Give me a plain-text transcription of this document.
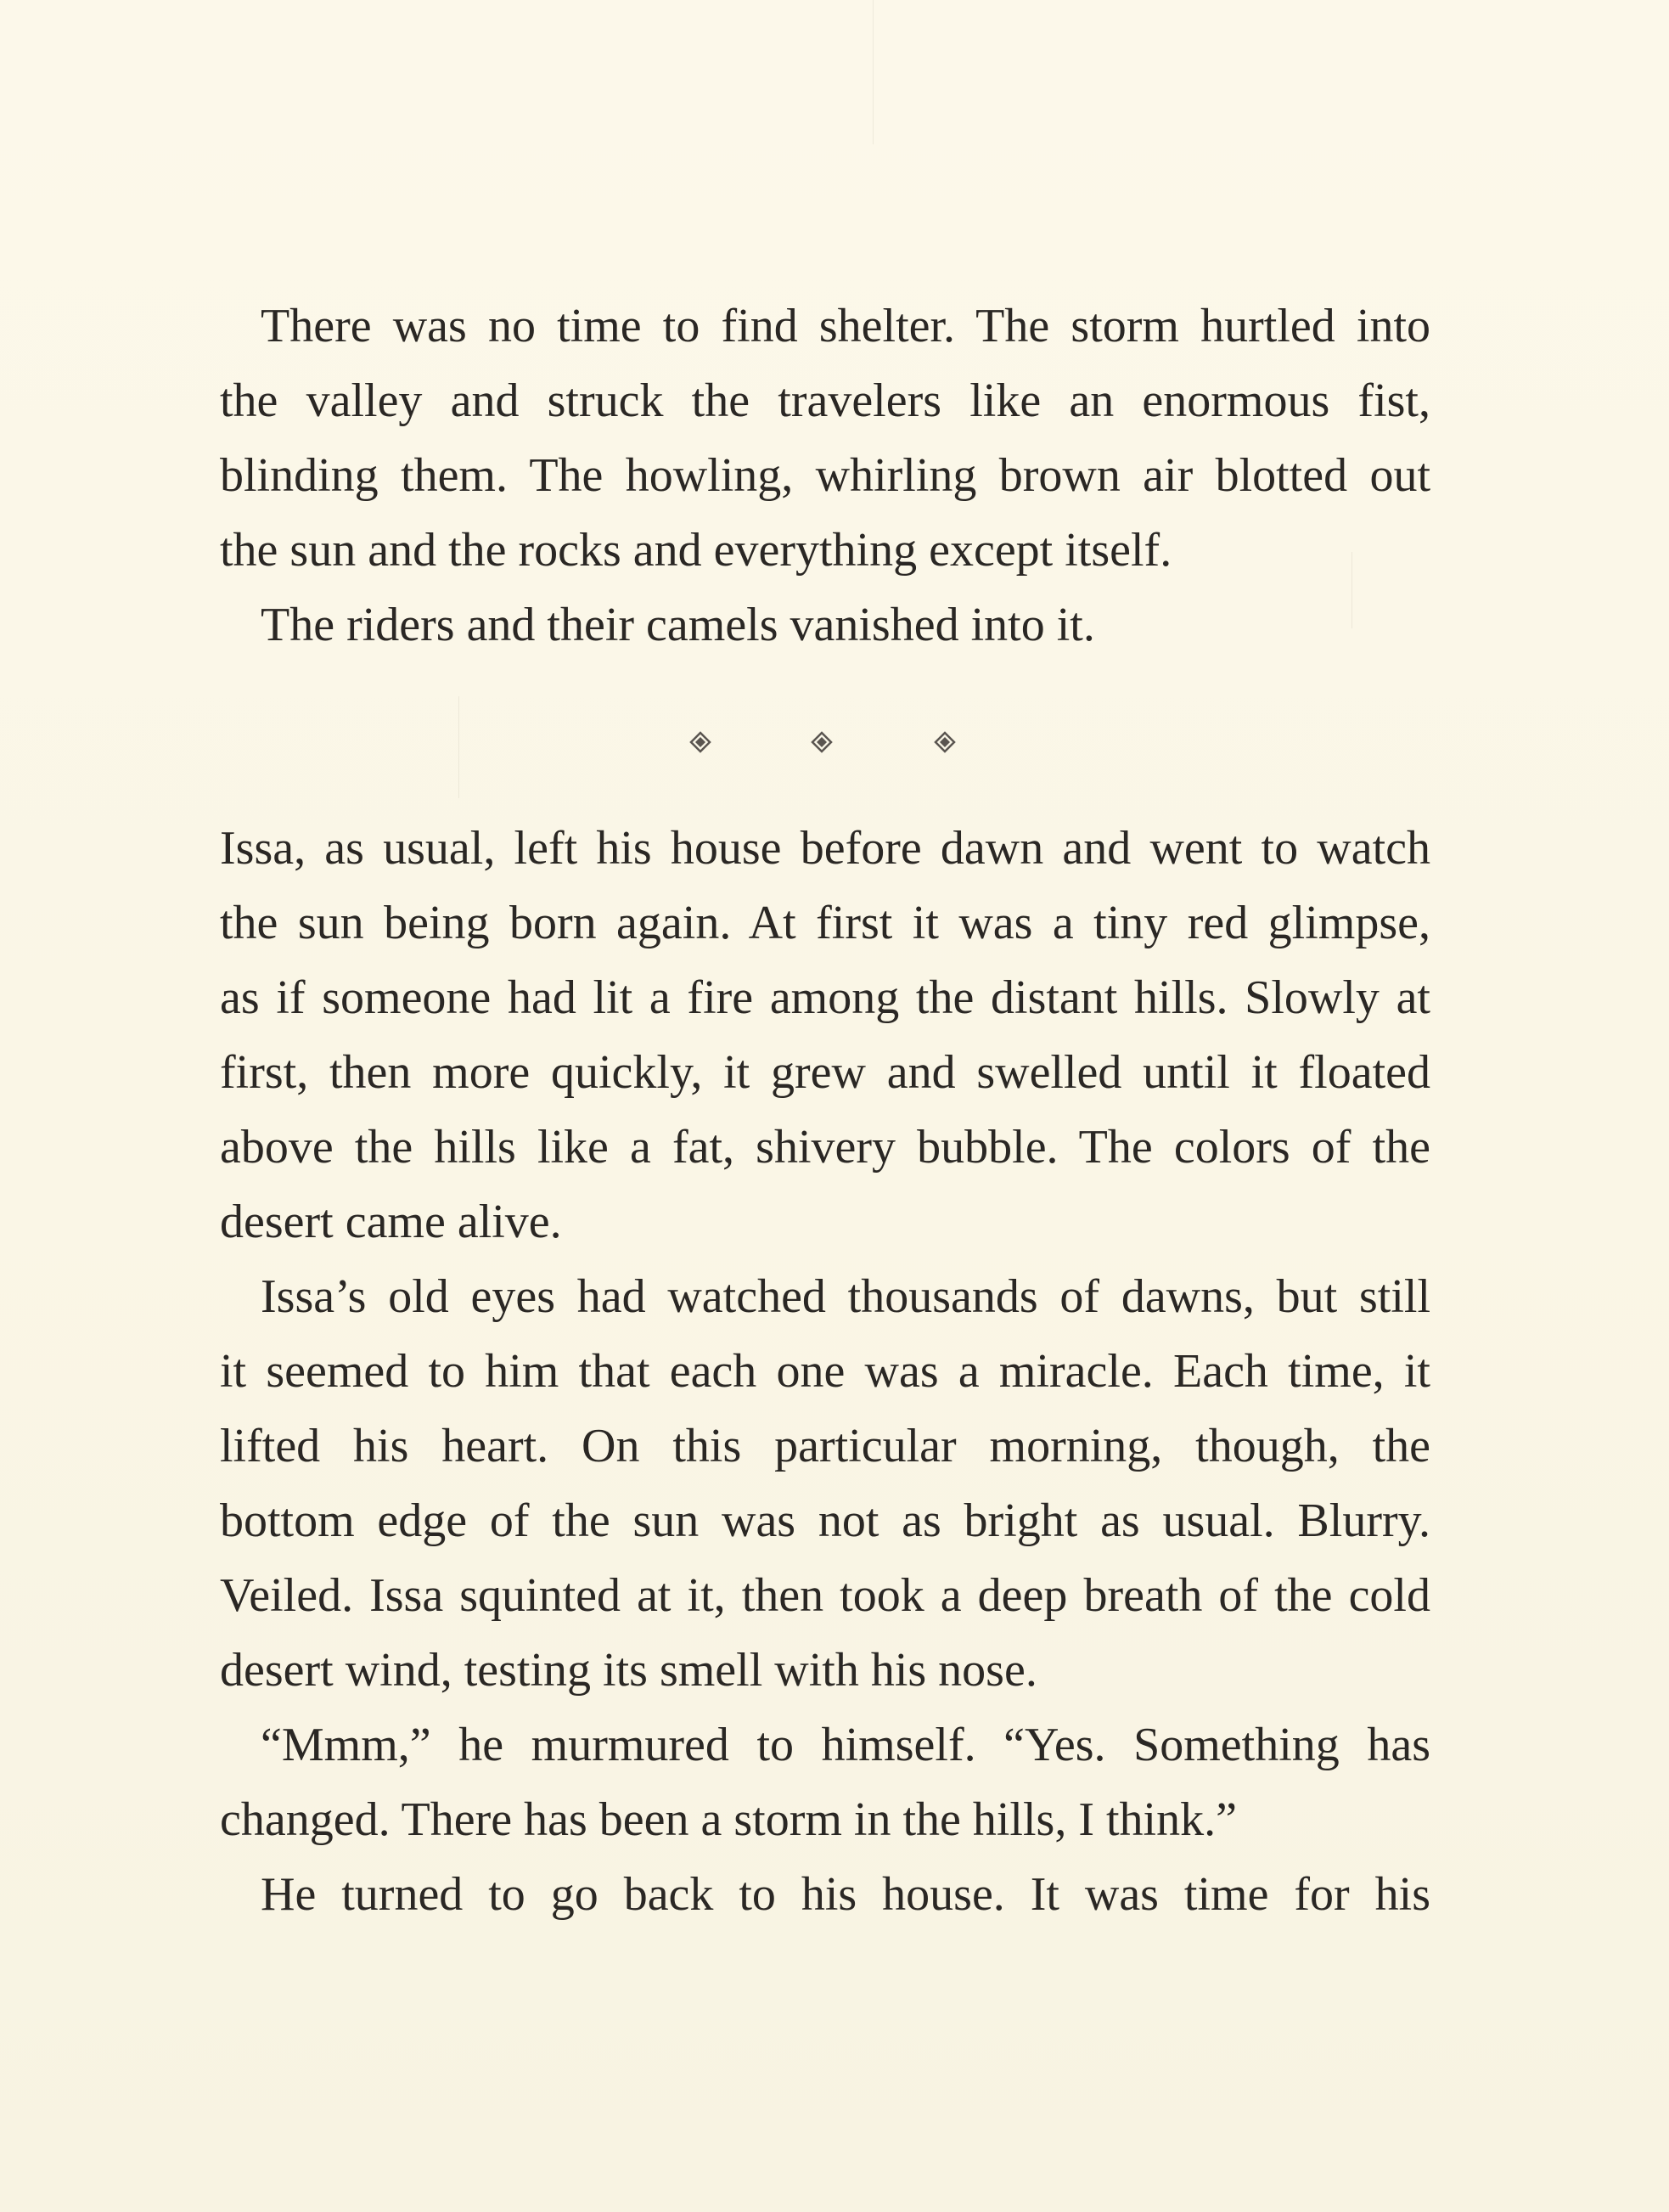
There was no time to find shelter. The storm hurtled into
the valley and struck the travelers like an enormous fist,
blinding them. The howling, whirling brown air blotted out
the sun and the rocks and everything except itself.
The riders and their camels vanished into it.
Issa, as usual, left his house before dawn and went to watch
the sun being born again. At first it was a tiny red glimpse,
as if someone had lit a fire among the distant hills. Slowly at
first, then more quickly, it grew and swelled until it floated
above the hills like a fat, shivery bubble. The colors of the
desert came alive.
Issa’s old eyes had watched thousands of dawns, but still
it seemed to him that each one was a miracle. Each time, it
lifted his heart. On this particular morning, though, the
bottom edge of the sun was not as bright as usual. Blurry.
Veiled. Issa squinted at it, then took a deep breath of the cold
desert wind, testing its smell with his nose.
“Mmm,” he murmured to himself. “Yes. Something has
changed. There has been a storm in the hills, I think.”
He turned to go back to his house. It was time for his
